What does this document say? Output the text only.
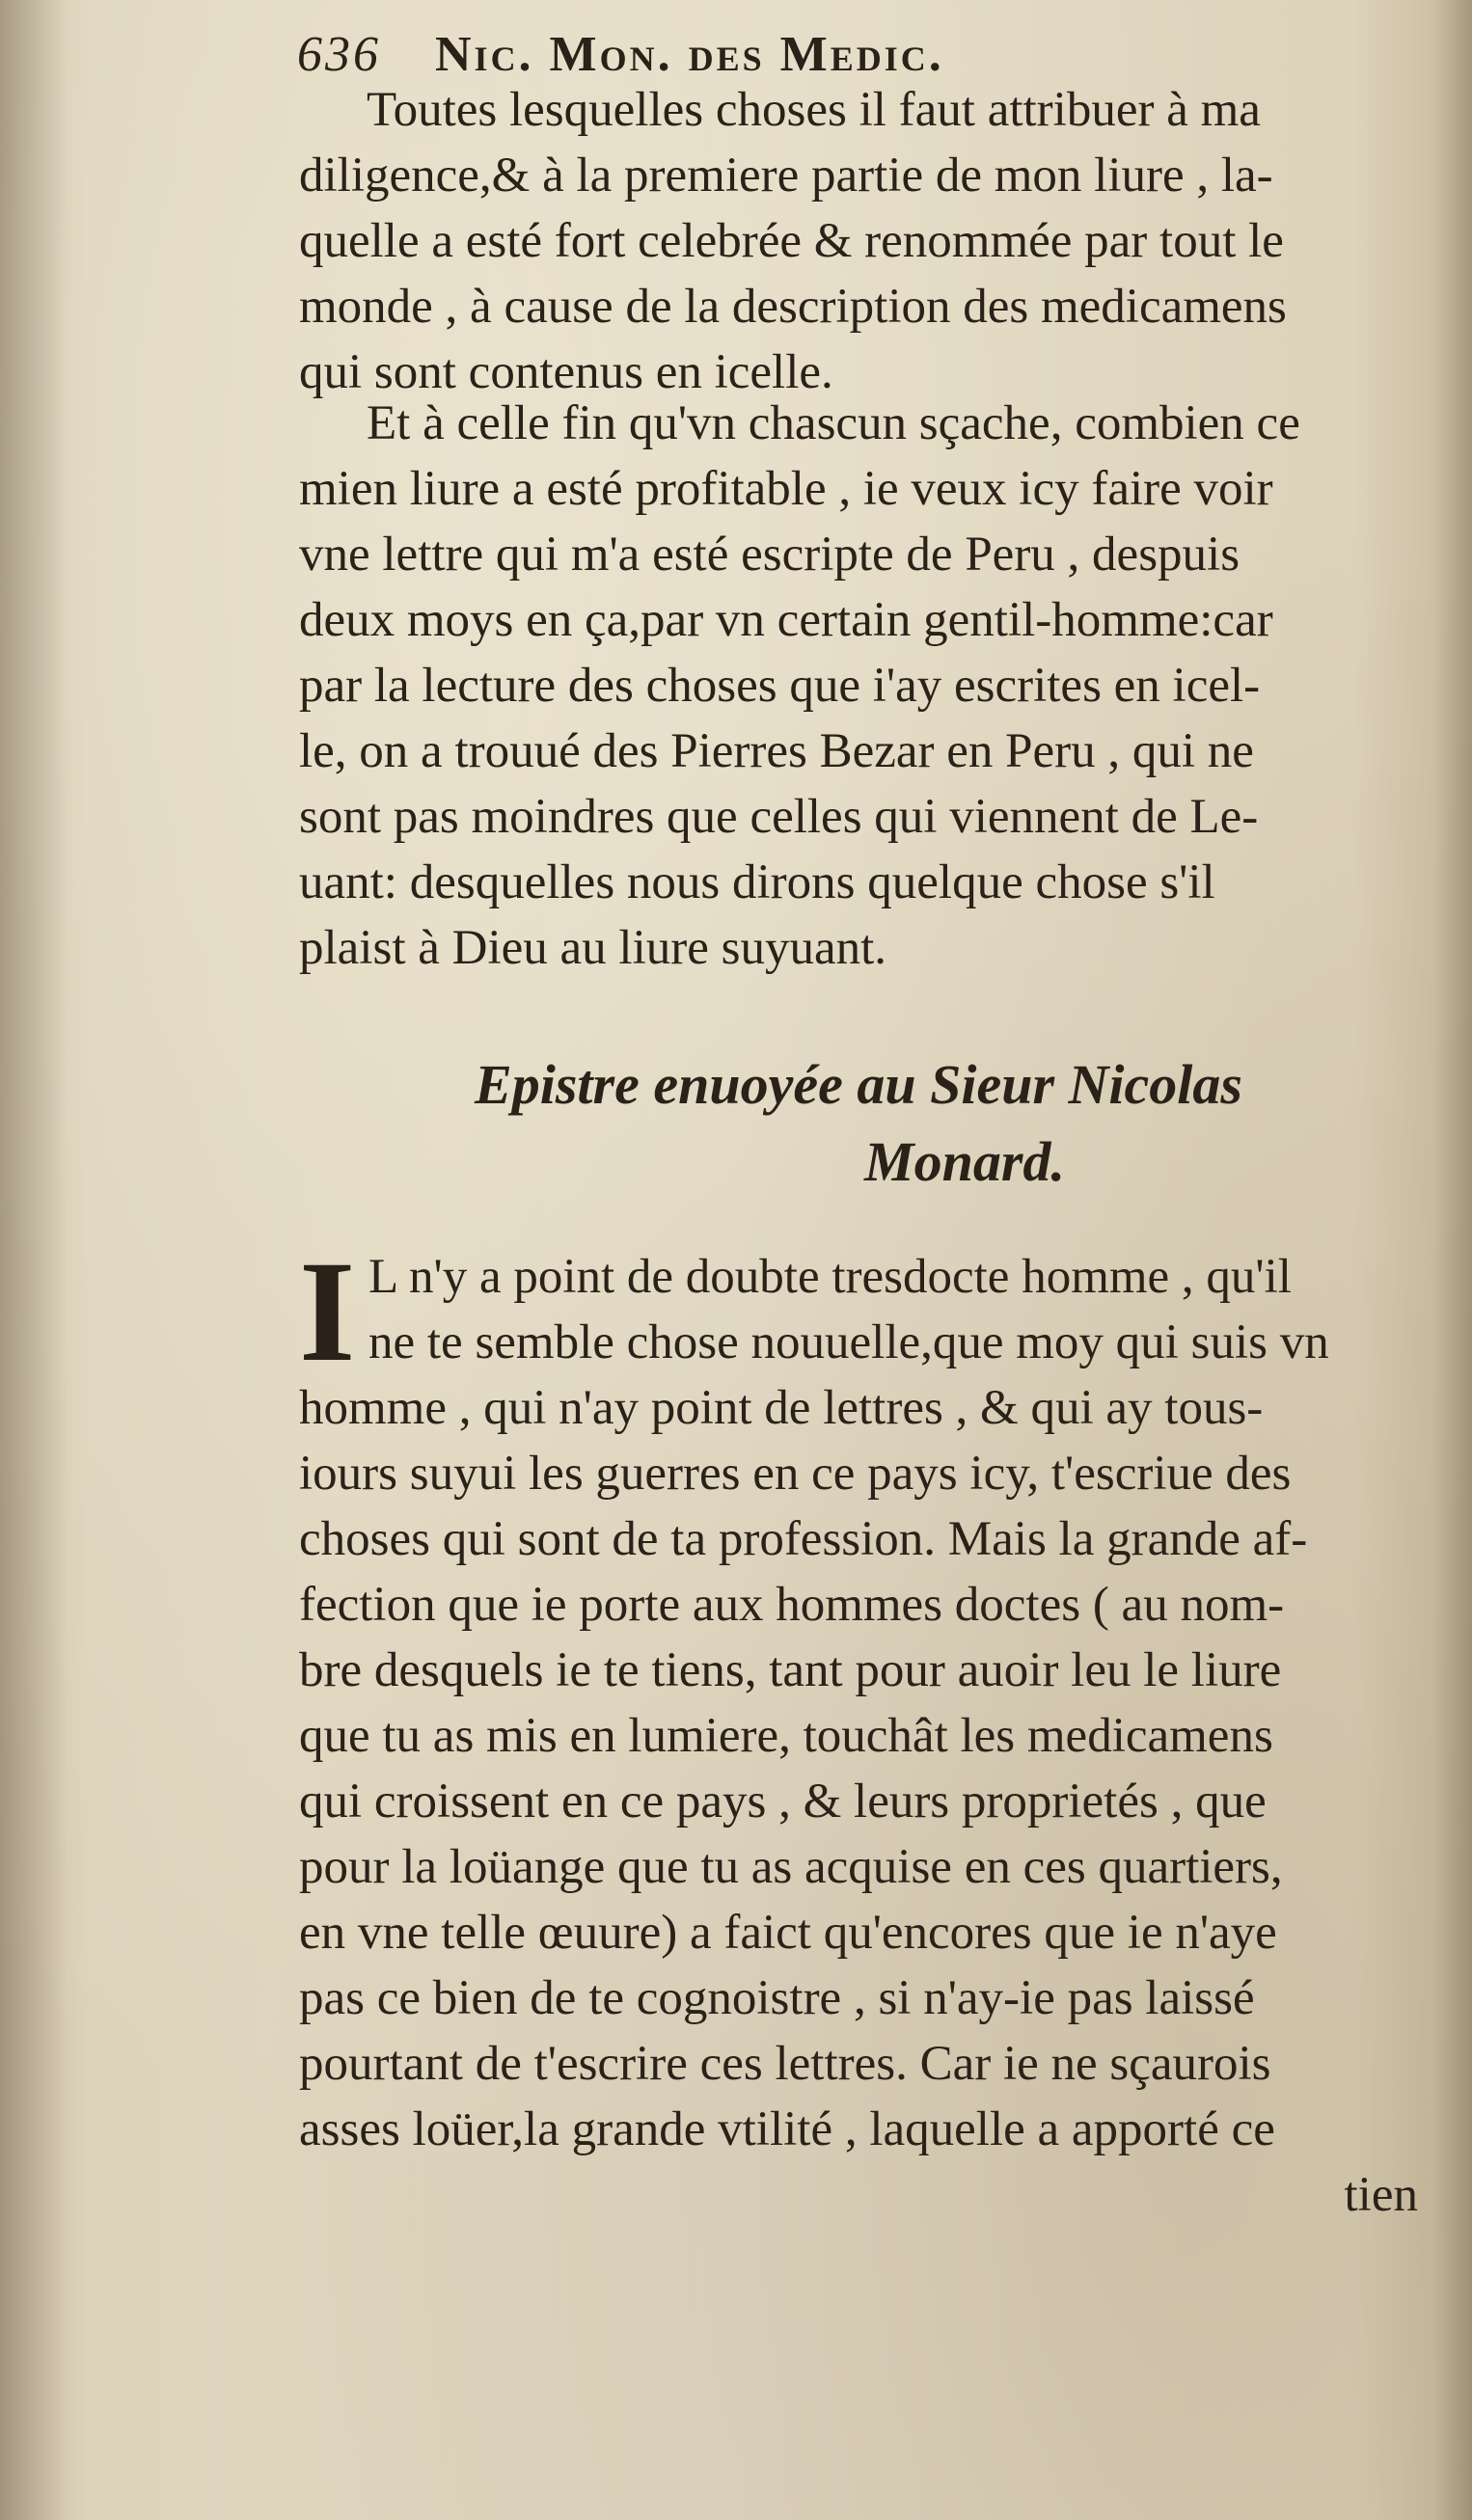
636 Nic. Mon. des Medic.
Toutes lesquelles choses il faut attribuer à ma
diligence,& à la premiere partie de mon liure , la-
quelle a esté fort celebrée & renommée par tout le
monde , à cause de la description des medicamens
qui sont contenus en icelle.
Et à celle fin qu'vn chascun sçache, combien ce
mien liure a esté profitable , ie veux icy faire voir
vne lettre qui m'a esté escripte de Peru , despuis
deux moys en ça,par vn certain gentil-homme:car
par la lecture des choses que i'ay escrites en icel-
le, on a trouué des Pierres Bezar en Peru , qui ne
sont pas moindres que celles qui viennent de Le-
uant: desquelles nous dirons quelque chose s'il
plaist à Dieu au liure suyuant.
Epistre enuoyée au Sieur Nicolas
Monard.
I L n'y a point de doubte tresdocte homme , qu'il
ne te semble chose nouuelle,que moy qui suis vn
homme , qui n'ay point de lettres , & qui ay tous-
iours suyui les guerres en ce pays icy, t'escriue des
choses qui sont de ta profession. Mais la grande af-
fection que ie porte aux hommes doctes ( au nom-
bre desquels ie te tiens, tant pour auoir leu le liure
que tu as mis en lumiere, touchât les medicamens
qui croissent en ce pays , & leurs proprietés , que
pour la loüange que tu as acquise en ces quartiers,
en vne telle œuure) a faict qu'encores que ie n'aye
pas ce bien de te cognoistre , si n'ay-ie pas laissé
pourtant de t'escrire ces lettres. Car ie ne sçaurois
asses loüer,la grande vtilité , laquelle a apporté ce
tien
